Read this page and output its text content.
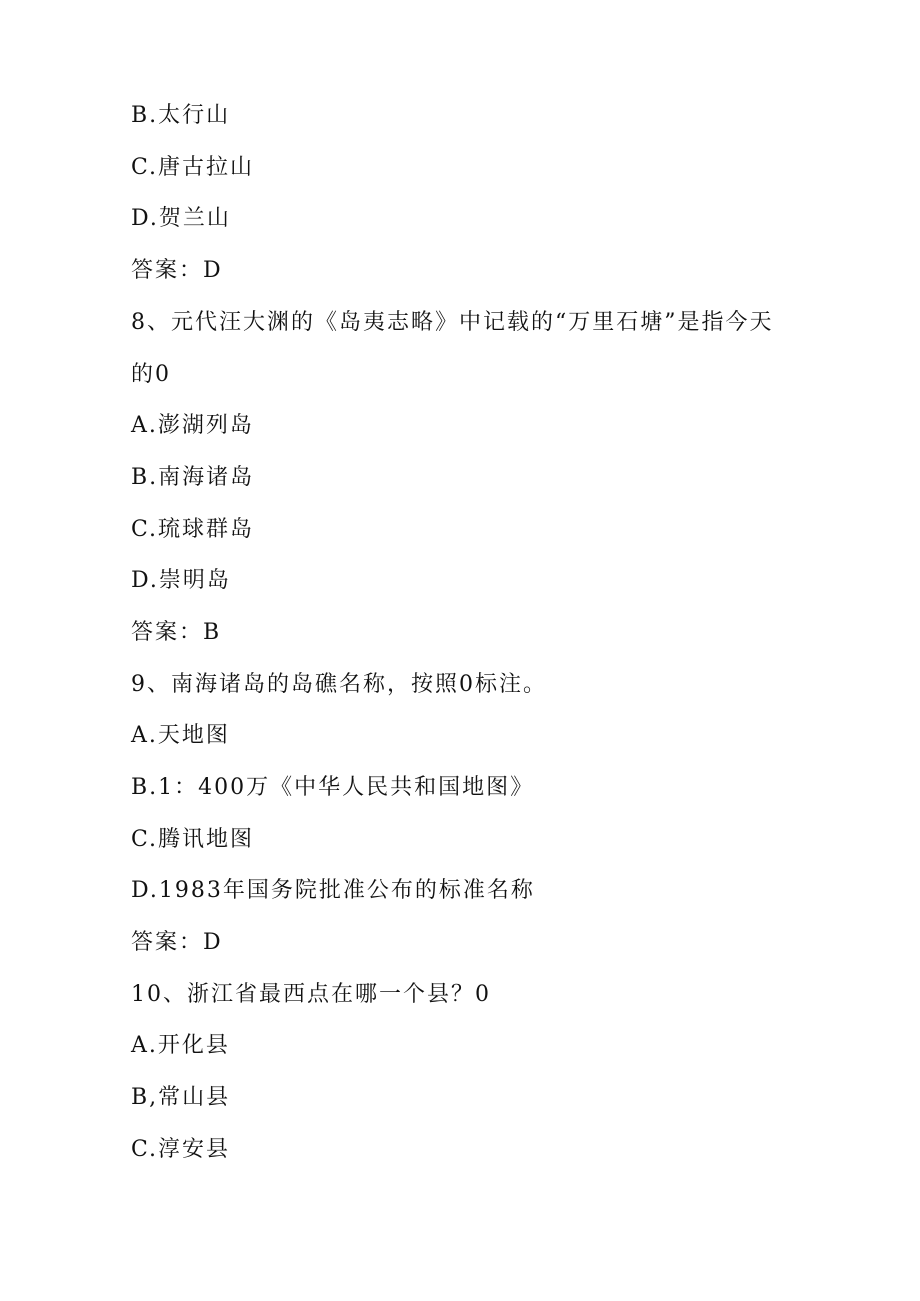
B.太行山
C.唐古拉山
D.贺兰山
答案：D
8、元代汪大渊的《岛夷志略》中记载的“万里石塘”是指今天
的0
A.澎湖列岛
B.南海诸岛
C.琉球群岛
D.崇明岛
答案：B
9、南海诸岛的岛礁名称，按照0标注。
A.天地图
B.1：400万《中华人民共和国地图》
C.腾讯地图
D.1983年国务院批准公布的标准名称
答案：D
10、浙江省最西点在哪一个县？0
A.开化县
B,常山县
C.淳安县
